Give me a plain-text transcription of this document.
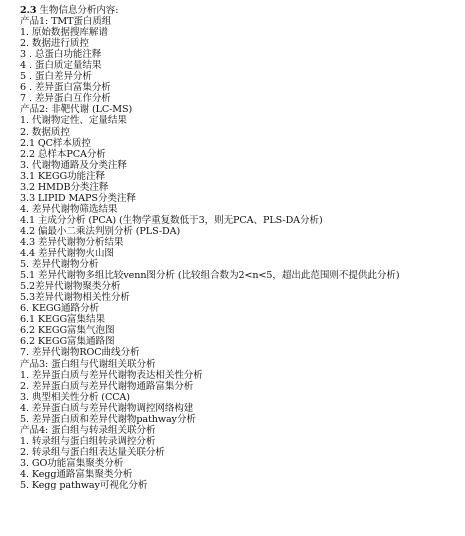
2.3 生物信息分析内容:
产品1: TMT蛋白质组
1. 原始数据搜库解谱
2. 数据进行质控
3 . 总蛋白功能注释
4 . 蛋白质定量结果
5 . 蛋白差异分析
6 . 差异蛋白富集分析
7 . 差异蛋白互作分析
产品2: 非靶代谢 (LC-MS)
1. 代谢物定性、定量结果
2. 数据质控
2.1 QC样本质控
2.2 总样本PCA分析
3. 代谢物通路及分类注释
3.1 KEGG功能注释
3.2 HMDB分类注释
3.3 LIPID MAPS分类注释
4. 差异代谢物筛选结果
4.1 主成分分析 (PCA) (生物学重复数低于3，则无PCA、PLS-DA分析)
4.2 偏最小二乘法判别分析 (PLS-DA)
4.3 差异代谢物分析结果
4.4 差异代谢物火山图
5. 差异代谢物分析
5.1 差异代谢物多组比较venn图分析 (比较组合数为2<n<5，超出此范围则不提供此分析)
5.2差异代谢物聚类分析
5.3差异代谢物相关性分析
6. KEGG通路分析
6.1 KEGG富集结果
6.2 KEGG富集气泡图
6.2 KEGG富集通路图
7. 差异代谢物ROC曲线分析
产品3: 蛋白组与代谢组关联分析
1. 差异蛋白质与差异代谢物表达相关性分析
2. 差异蛋白质与差异代谢物通路富集分析
3. 典型相关性分析 (CCA)
4. 差异蛋白质与差异代谢物调控网络构建
5. 差异蛋白质和差异代谢物pathway分析
产品4: 蛋白组与转录组关联分析
1. 转录组与蛋白组转录调控分析
2. 转录组与蛋白组表达量关联分析
3. GO功能富集聚类分析
4. Kegg通路富集聚类分析
5. Kegg pathway可视化分析
